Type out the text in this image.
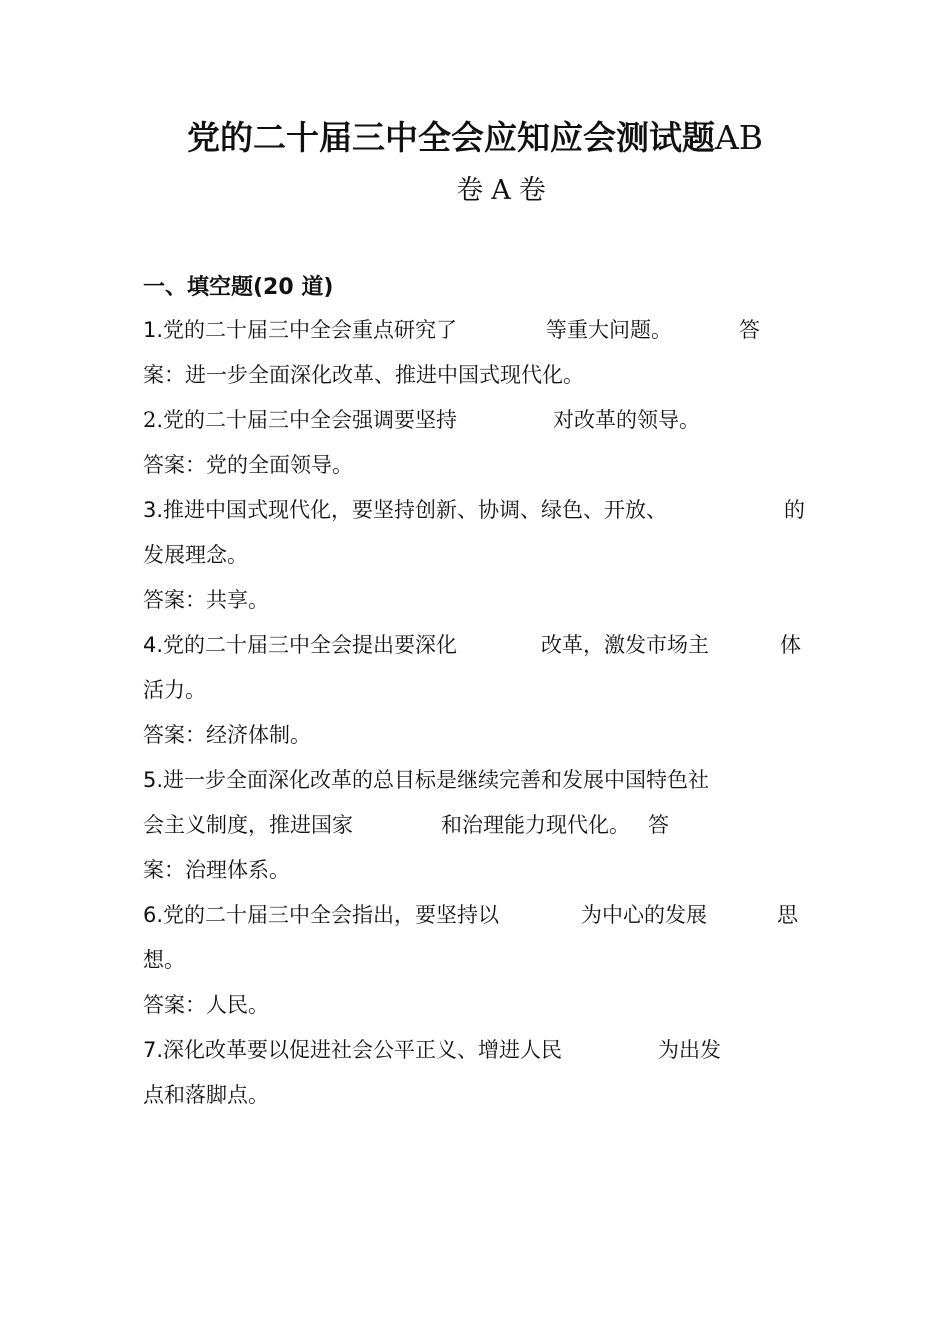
党的二十届三中全会应知应会测试题AB
卷 A 卷
一、填空题(20 道)
1.党的二十届三中全会重点研究了	等重大问题。	答
案：进一步全面深化改革、推进中国式现代化。
2.党的二十届三中全会强调要坚持	对改革的领导。
答案：党的全面领导。
3.推进中国式现代化，要坚持创新、协调、绿色、开放、	的
发展理念。
答案：共享。
4.党的二十届三中全会提出要深化	改革，激发市场主	体
活力。
答案：经济体制。
5.进一步全面深化改革的总目标是继续完善和发展中国特色社
会主义制度，推进国家	和治理能力现代化。 答
案：治理体系。
6.党的二十届三中全会指出，要坚持以	为中心的发展	思
想。
答案：人民。
7.深化改革要以促进社会公平正义、增进人民	为出发
点和落脚点。
